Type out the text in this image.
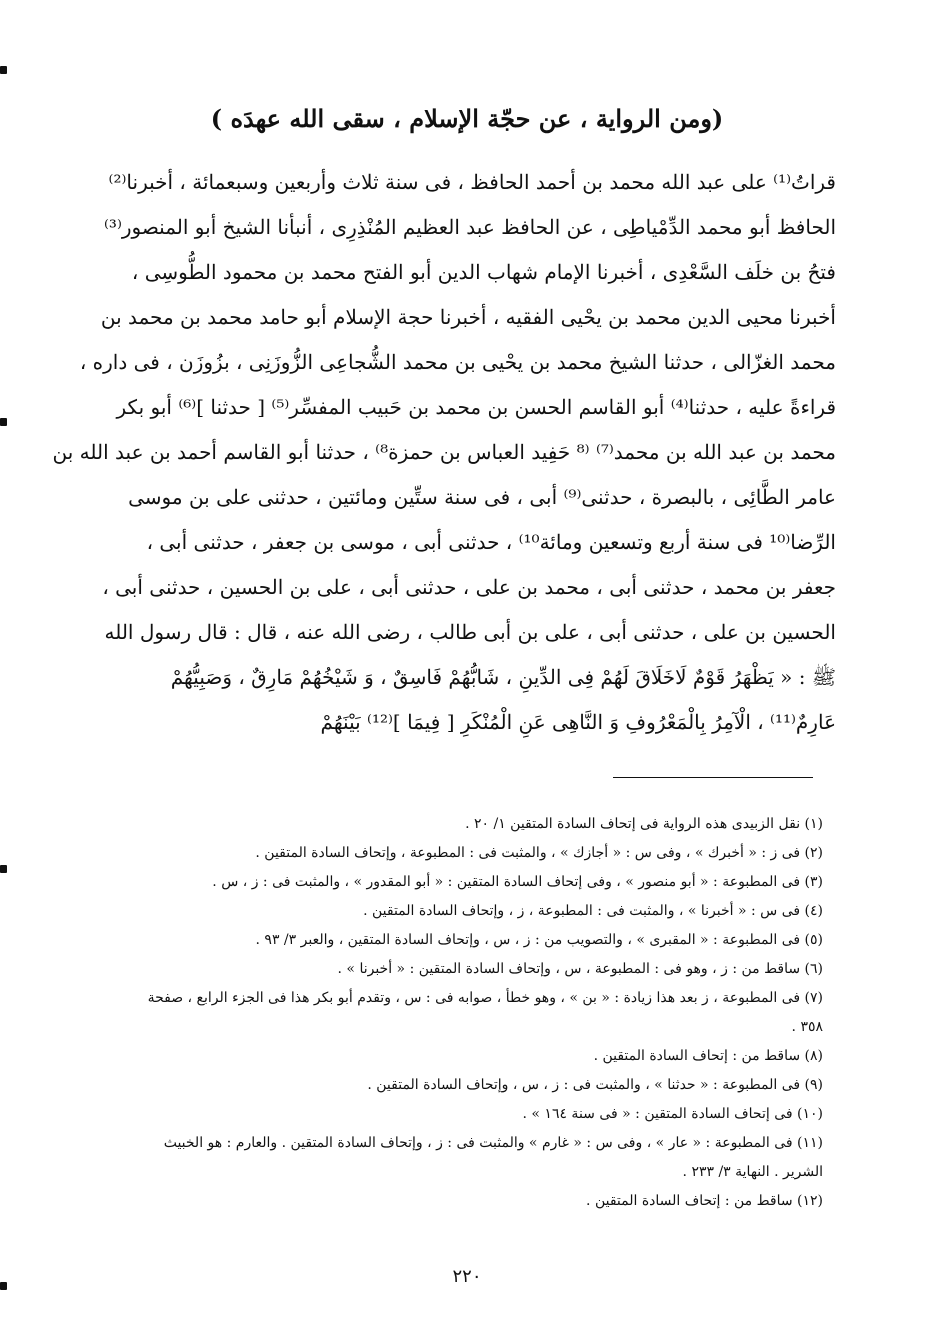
(ومن الرواية ، عن حجّة الإسلام ، سقى الله عهدَه )
قراتُ⁽¹⁾ على عبد الله محمد بن أحمد الحافظ ، فى سنة ثلاث وأربعين وسبعمائة ، أخبرنا⁽²⁾
الحافظ أبو محمد الدِّمْياطِى ، عن الحافظ عبد العظيم المُنْذِرِى ، أنبأنا الشيخ أبو المنصور⁽³⁾
فتحُ بن خلَف السَّعْدِى ، أخبرنا الإمام شهاب الدين أبو الفتح محمد بن محمود الطُّوسِى ،
أخبرنا محيى الدين محمد بن يحْيى الفقيه ، أخبرنا حجة الإسلام أبو حامد محمد بن محمد بن
محمد الغزّالى ، حدثنا الشيخ محمد بن يحْيى بن محمد الشُّجاعِى الزُّوزَنِى ، بزُوزَن ، فى داره ،
قراءةً عليه ، حدثنا⁽⁴⁾ أبو القاسم الحسن بن محمد بن حَبيب المفسِّر⁽⁵⁾ [ حدثنا ]⁽⁶⁾ أبو بكر
محمد بن عبد الله بن محمد⁽⁷⁾ ⁽⁸ حَفِيد العباس بن حمزة⁸⁾ ، حدثنا أبو القاسم أحمد بن عبد الله بن
عامر الطَّائِى ، بالبصرة ، حدثنى⁽⁹⁾ أبى ، فى سنة ستِّين ومائتين ، حدثنى على بن موسى
الرِّضا⁽¹⁰ فى سنة أربع وتسعين ومائة¹⁰⁾ ، حدثنى أبى ، موسى بن جعفر ، حدثنى أبى ،
جعفر بن محمد ، حدثنى أبى ، محمد بن على ، حدثنى أبى ، على بن الحسين ، حدثنى أبى ،
الحسين بن على ، حدثنى أبى ، على بن أبى طالب ، رضى الله عنه ، قال : قال رسول الله
ﷺ : « يَظْهَرُ قَوْمٌ لَاخَلَاقَ لَهُمْ فِى الدِّينِ ، شَابُّهُمْ فَاسِقٌ ، وَ شَيْخُهُمْ مَارِقٌ ، وَصَبِيُّهُمْ
عَارِمٌ⁽¹¹⁾ ، الْآمِرُ بِالْمَعْرُوفِ وَ النَّاهِى عَنِ الْمُنْكَرِ [ فِيمَا ]⁽¹²⁾ بَيْنَهُمْ
(١) نقل الزبيدى هذه الرواية فى إتحاف السادة المتقين ١/ ٢٠ .
(٢) فى ز : « أخبرك » ، وفى س : « أجازك » ، والمثبت فى : المطبوعة ، وإتحاف السادة المتقين .
(٣) فى المطبوعة : « أبو منصور » ، وفى إتحاف السادة المتقين : « أبو المقدور » ، والمثبت فى : ز ، س .
(٤) فى س : « أخبرنا » ، والمثبت فى : المطبوعة ، ز ، وإتحاف السادة المتقين .
(٥) فى المطبوعة : « المقبرى » ، والتصويب من : ز ، س ، وإتحاف السادة المتقين ، والعبر ٣/ ٩٣ .
(٦) ساقط من : ز ، وهو فى : المطبوعة ، س ، وإتحاف السادة المتقين : « أخبرنا » .
(٧) فى المطبوعة ، ز بعد هذا زيادة : « بن » ، وهو خطأ ، صوابه فى : س ، وتقدم أبو بكر هذا فى الجزء الرابع ، صفحة
٣٥٨ .
(٨) ساقط من : إتحاف السادة المتقين .
(٩) فى المطبوعة : « حدثنا » ، والمثبت فى : ز ، س ، وإتحاف السادة المتقين .
(١٠) فى إتحاف السادة المتقين : « فى سنة ١٦٤ » .
(١١) فى المطبوعة : « عار » ، وفى س : « غارم » والمثبت فى : ز ، وإتحاف السادة المتقين . والعارم : هو الخبيث
الشرير . النهاية ٣/ ٢٣٣ .
(١٢) ساقط من : إتحاف السادة المتقين .
٢٢٠
